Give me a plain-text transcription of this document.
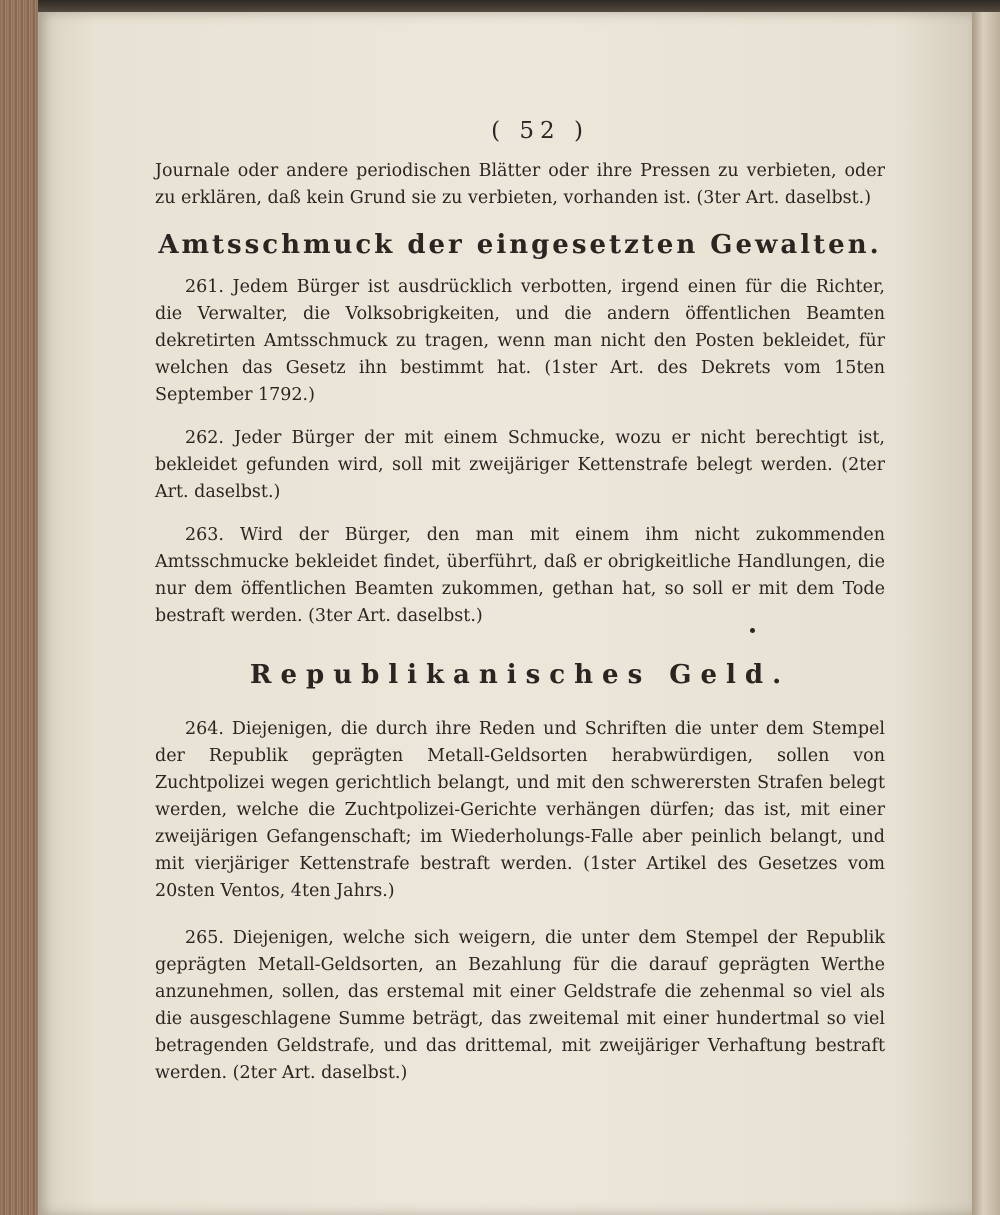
( 52 )

Journale oder andere periodischen Blätter oder ihre Pressen zu verbieten, oder zu erklären, daß kein Grund sie zu verbieten, vorhanden ist. (3ter Art. daselbst.)

Amtsschmuck der eingesetzten Gewalten.

261. Jedem Bürger ist ausdrücklich verbotten, irgend einen für die Richter, die Verwalter, die Volksobrigkeiten, und die andern öffentlichen Beamten dekretirten Amtsschmuck zu tragen, wenn man nicht den Posten bekleidet, für welchen das Gesetz ihn bestimmt hat. (1ster Art. des Dekrets vom 15ten September 1792.)

262. Jeder Bürger der mit einem Schmucke, wozu er nicht berechtigt ist, bekleidet gefunden wird, soll mit zweijäriger Kettenstrafe belegt werden. (2ter Art. daselbst.)

263. Wird der Bürger, den man mit einem ihm nicht zukommenden Amtsschmucke bekleidet findet, überführt, daß er obrigkeitliche Handlungen, die nur dem öffentlichen Beamten zukommen, gethan hat, so soll er mit dem Tode bestraft werden. (3ter Art. daselbst.)

Republikanisches Geld.

264. Diejenigen, die durch ihre Reden und Schriften die unter dem Stempel der Republik geprägten Metall-Geldsorten herabwürdigen, sollen von Zuchtpolizei wegen gerichtlich belangt, und mit den schwerersten Strafen belegt werden, welche die Zuchtpolizei-Gerichte verhängen dürfen; das ist, mit einer zweijärigen Gefangenschaft; im Wiederholungs-Falle aber peinlich belangt, und mit vierjäriger Kettenstrafe bestraft werden. (1ster Artikel des Gesetzes vom 20sten Ventos, 4ten Jahrs.)

265. Diejenigen, welche sich weigern, die unter dem Stempel der Republik geprägten Metall-Geldsorten, an Bezahlung für die darauf geprägten Werthe anzunehmen, sollen, das erstemal mit einer Geldstrafe die zehenmal so viel als die ausgeschlagene Summe beträgt, das zweitemal mit einer hundertmal so viel betragenden Geldstrafe, und das drittemal, mit zweijäriger Verhaftung bestraft werden. (2ter Art. daselbst.)
